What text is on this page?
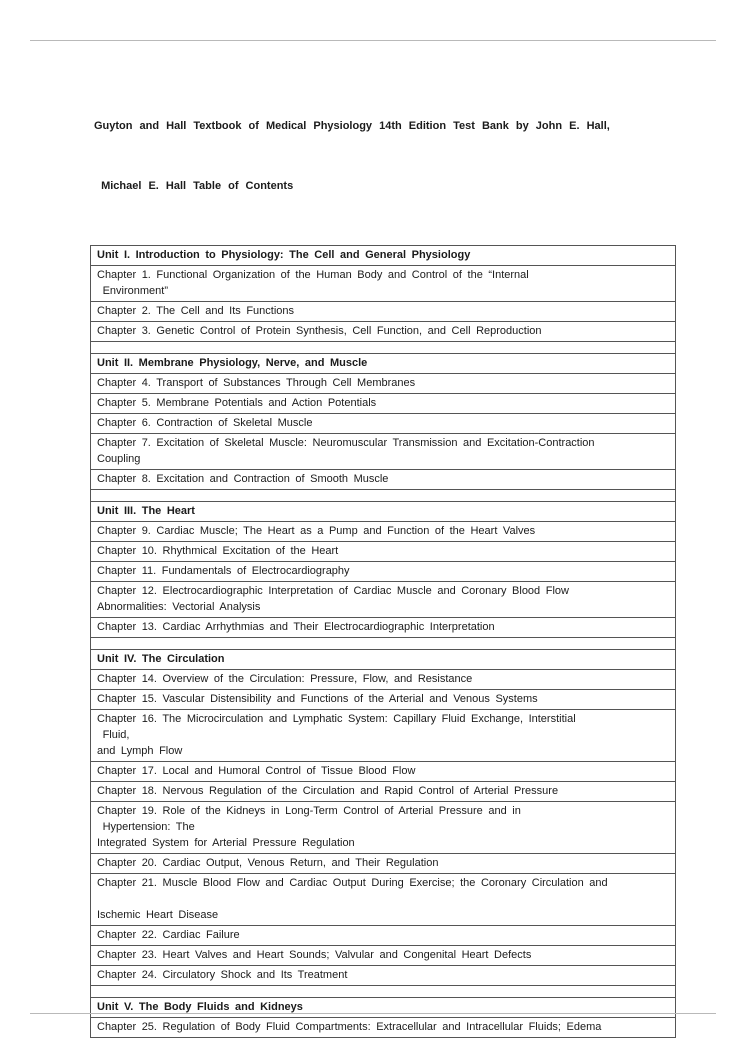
Guyton and Hall Textbook of Medical Physiology 14th Edition Test Bank by John E. Hall,

Michael E. Hall Table of Contents

Unit I. Introduction to Physiology: The Cell and General Physiology
Chapter 1. Functional Organization of the Human Body and Control of the “Internal
Environment”
Chapter 2. The Cell and Its Functions
Chapter 3. Genetic Control of Protein Synthesis, Cell Function, and Cell Reproduction
Unit II. Membrane Physiology, Nerve, and Muscle
Chapter 4. Transport of Substances Through Cell Membranes
Chapter 5. Membrane Potentials and Action Potentials
Chapter 6. Contraction of Skeletal Muscle
Chapter 7. Excitation of Skeletal Muscle: Neuromuscular Transmission and Excitation-Contraction
Coupling
Chapter 8. Excitation and Contraction of Smooth Muscle
Unit III. The Heart
Chapter 9. Cardiac Muscle; The Heart as a Pump and Function of the Heart Valves
Chapter 10. Rhythmical Excitation of the Heart
Chapter 11. Fundamentals of Electrocardiography
Chapter 12. Electrocardiographic Interpretation of Cardiac Muscle and Coronary Blood Flow
Abnormalities: Vectorial Analysis
Chapter 13. Cardiac Arrhythmias and Their Electrocardiographic Interpretation
Unit IV. The Circulation
Chapter 14. Overview of the Circulation: Pressure, Flow, and Resistance
Chapter 15. Vascular Distensibility and Functions of the Arterial and Venous Systems
Chapter 16. The Microcirculation and Lymphatic System: Capillary Fluid Exchange, Interstitial
Fluid,
and Lymph Flow
Chapter 17. Local and Humoral Control of Tissue Blood Flow
Chapter 18. Nervous Regulation of the Circulation and Rapid Control of Arterial Pressure
Chapter 19. Role of the Kidneys in Long-Term Control of Arterial Pressure and in
Hypertension: The
Integrated System for Arterial Pressure Regulation
Chapter 20. Cardiac Output, Venous Return, and Their Regulation
Chapter 21. Muscle Blood Flow and Cardiac Output During Exercise; the Coronary Circulation and
Ischemic Heart Disease
Chapter 22. Cardiac Failure
Chapter 23. Heart Valves and Heart Sounds; Valvular and Congenital Heart Defects
Chapter 24. Circulatory Shock and Its Treatment
Unit V. The Body Fluids and Kidneys
Chapter 25. Regulation of Body Fluid Compartments: Extracellular and Intracellular Fluids; Edema
